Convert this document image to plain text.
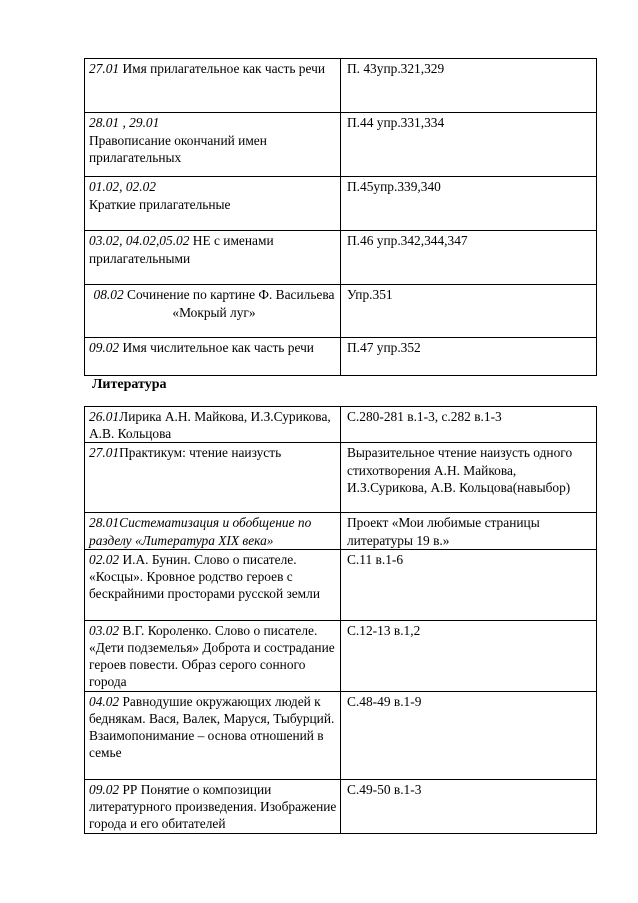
27.01 Имя прилагательное как часть речи	П. 43упр.321,329
28.01 , 29.01
Правописание окончаний имен прилагательных	П.44 упр.331,334
01.02, 02.02
Краткие прилагательные	П.45упр.339,340
03.02, 04.02,05.02 НЕ с именами прилагательными	П.46 упр.342,344,347
08.02 Сочинение по картине Ф. Васильева «Мокрый луг»	Упр.351
09.02 Имя числительное как часть речи	П.47 упр.352
Литература
26.01Лирика А.Н. Майкова, И.З.Сурикова, А.В. Кольцова	С.280-281 в.1-3, с.282 в.1-3
27.01Практикум: чтение наизусть	Выразительное чтение наизусть одного стихотворения А.Н. Майкова, И.З.Сурикова, А.В. Кольцова(навыбор)
28.01Систематизация и обобщение по разделу «Литература XIX века»	Проект «Мои любимые страницы литературы 19 в.»
02.02 И.А. Бунин. Слово о писателе. «Косцы». Кровное родство героев с бескрайними просторами русской земли	С.11 в.1-6
03.02 В.Г. Короленко. Слово о писателе. «Дети подземелья» Доброта и сострадание героев повести. Образ серого сонного города	С.12-13 в.1,2
04.02 Равнодушие окружающих людей к беднякам. Вася, Валек, Маруся, Тыбурций. Взаимопонимание – основа отношений в семье	С.48-49 в.1-9
09.02 РР Понятие о композиции литературного произведения. Изображение города и его обитателей	С.49-50 в.1-3
